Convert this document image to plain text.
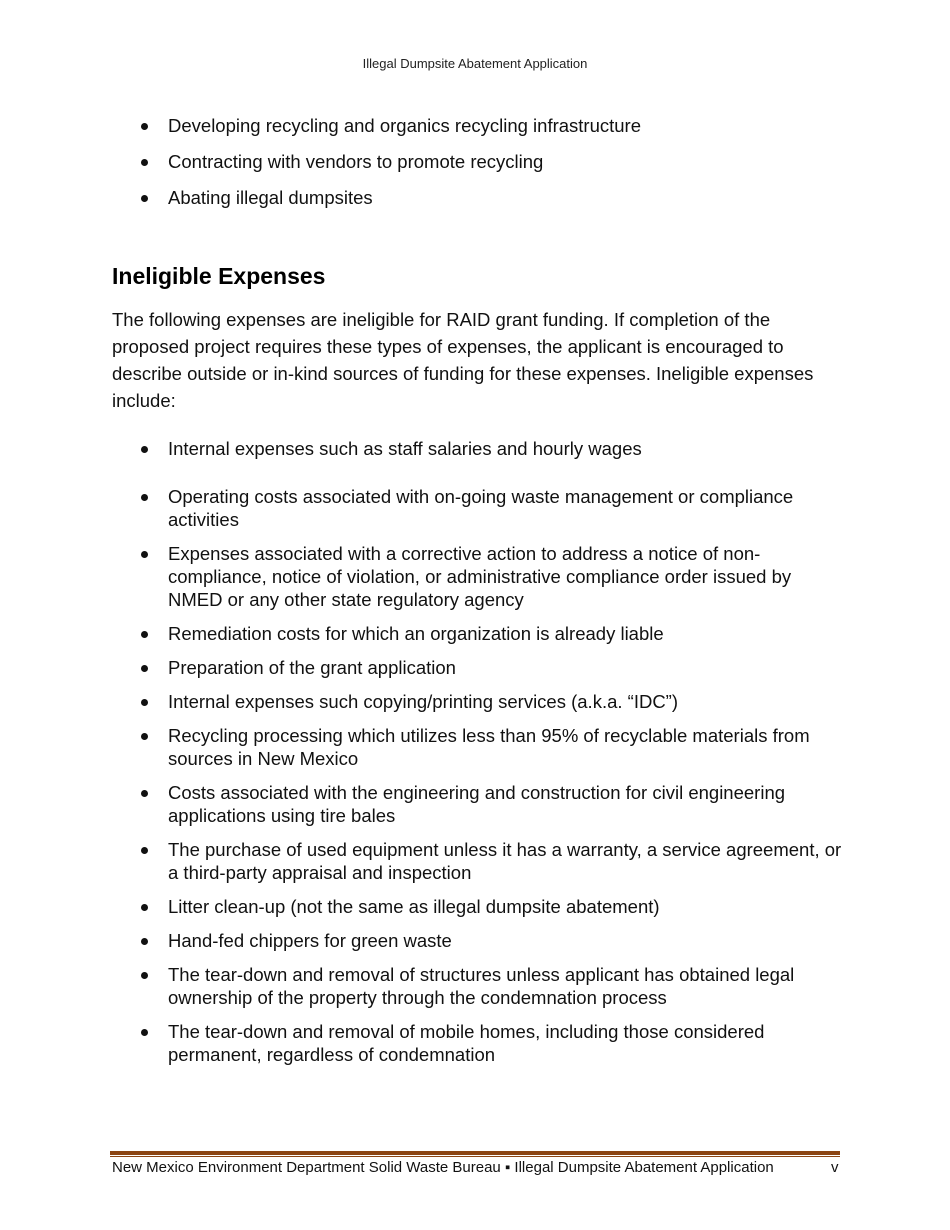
Illegal Dumpsite Abatement Application
Developing recycling and organics recycling infrastructure
Contracting with vendors to promote recycling
Abating illegal dumpsites
Ineligible Expenses

The following expenses are ineligible for RAID grant funding. If completion of the proposed project requires these types of expenses, the applicant is encouraged to describe outside or in-kind sources of funding for these expenses. Ineligible expenses include:

Internal expenses such as staff salaries and hourly wages
Operating costs associated with on-going waste management or compliance activities
Expenses associated with a corrective action to address a notice of non-compliance, notice of violation, or administrative compliance order issued by NMED or any other state regulatory agency
Remediation costs for which an organization is already liable
Preparation of the grant application
Internal expenses such copying/printing services (a.k.a. “IDC”)
Recycling processing which utilizes less than 95% of recyclable materials from sources in New Mexico
Costs associated with the engineering and construction for civil engineering applications using tire bales
The purchase of used equipment unless it has a warranty, a service agreement, or a third-party appraisal and inspection
Litter clean-up (not the same as illegal dumpsite abatement)
Hand-fed chippers for green waste
The tear-down and removal of structures unless applicant has obtained legal ownership of the property through the condemnation process
The tear-down and removal of mobile homes, including those considered permanent, regardless of condemnation
New Mexico Environment Department Solid Waste Bureau ▪ Illegal Dumpsite Abatement Application	v
